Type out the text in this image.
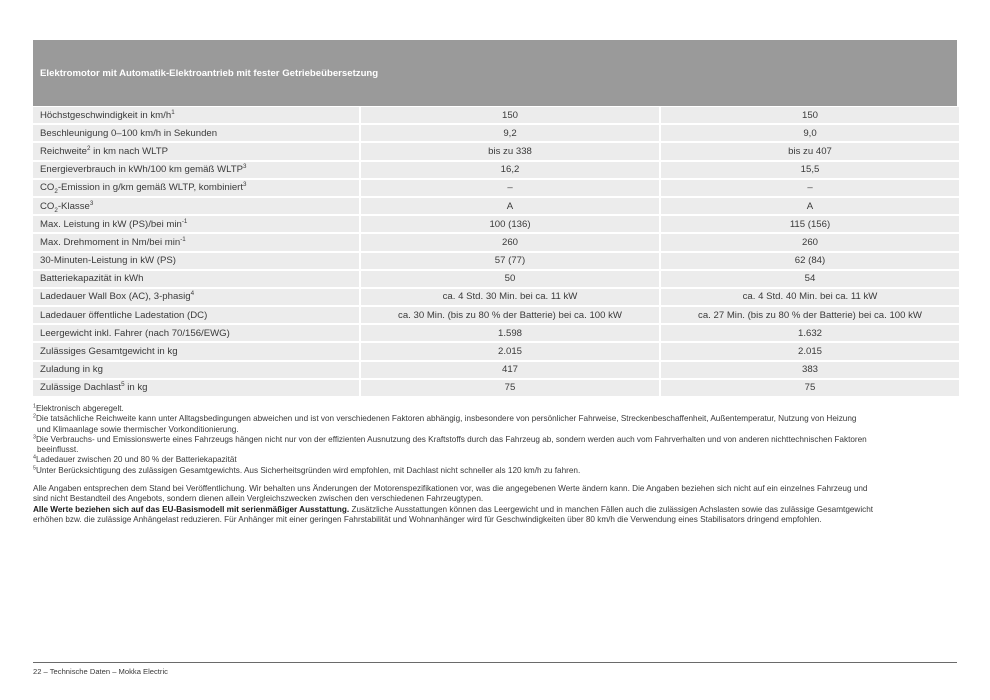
Elektromotor mit Automatik-Elektroantrieb mit fester Getriebeübersetzung
Höchstgeschwindigkeit in $km/h^1$	150	150
Beschleunigung 0–100 km/h in Sekunden	9,2	9,0
Reichweite$^2$ in km nach WLTP	bis zu 338	bis zu 407
Energieverbrauch in kWh/100 km gemäß WLTP$^3$	16,2	15,5
$CO_2$-Emission in g/km gemäß WLTP, kombiniert$^3$	–	–
$CO_2-Klasse^3$	A	A
Max. Leistung in kW (PS)/bei $\min^{-1}$	100 (136)	115 (156)
Max. Drehmoment in Nm/bei $\min^{-1}$	260	260
30-Minuten-Leistung in kW (PS)	57 (77)	62 (84)
Batteriekapazität in kWh	50	54
Ladedauer Wall Box (AC), 3-phasig$^4$	ca. 4 Std. 30 Min. bei ca. 11 kW	ca. 4 Std. 40 Min. bei ca. 11 kW
Ladedauer öffentliche Ladestation (DC)	ca. 30 Min. (bis zu 80 % der Batterie) bei ca. 100 kW	ca. 27 Min. (bis zu 80 % der Batterie) bei ca. 100 kW
Leergewicht inkl. Fahrer (nach 70/156/EWG)	1.598	1.632
Zulässiges Gesamtgewicht in kg	2.015	2.015
Zuladung in kg	417	383
Zulässige Dachlast$^5$ in kg	75	75

$^1$Elektronisch abgeregelt.

$^2$Die tatsächliche Reichweite kann unter Alltagsbedingungen abweichen und ist von verschiedenen Faktoren abhängig, insbesondere von persönlicher Fahrweise, Streckenbeschaffenheit, Außentemperatur, Nutzung von Heizung

und Klimaanlage sowie thermischer Vorkonditionierung.

$^3$Die Verbrauchs- und Emissionswerte eines Fahrzeugs hängen nicht nur von der effizienten Ausnutzung des Kraftstoffs durch das Fahrzeug ab, sondern werden auch vom Fahrverhalten und von anderen nichttechnischen Faktoren

beeinflusst.

$^4$Ladedauer zwischen 20 und 80 % der Batteriekapazität

$^5$Unter Berücksichtigung des zulässigen Gesamtgewichts. Aus Sicherheitsgründen wird empfohlen, mit Dachlast nicht schneller als 120 km/h zu fahren.

Alle Angaben entsprechen dem Stand bei Veröffentlichung. Wir behalten uns Änderungen der Motorenspezifikationen vor, was die angegebenen Werte ändern kann. Die Angaben beziehen sich nicht auf ein einzelnes Fahrzeug und

sind nicht Bestandteil des Angebots, sondern dienen allein Vergleichszwecken zwischen den verschiedenen Fahrzeugtypen.

Alle Werte beziehen sich auf das EU-Basismodell mit serienmäßiger Ausstattung. Zusätzliche Ausstattungen können das Leergewicht und in manchen Fällen auch die zulässigen Achslasten sowie das zulässige Gesamtgewicht

erhöhen bzw. die zulässige Anhängelast reduzieren. Für Anhänger mit einer geringen Fahrstabilität und Wohnanhänger wird für Geschwindigkeiten über 80 km/h die Verwendung eines Stabilisators dringend empfohlen.

22 – Technische Daten – Mokka Electric
